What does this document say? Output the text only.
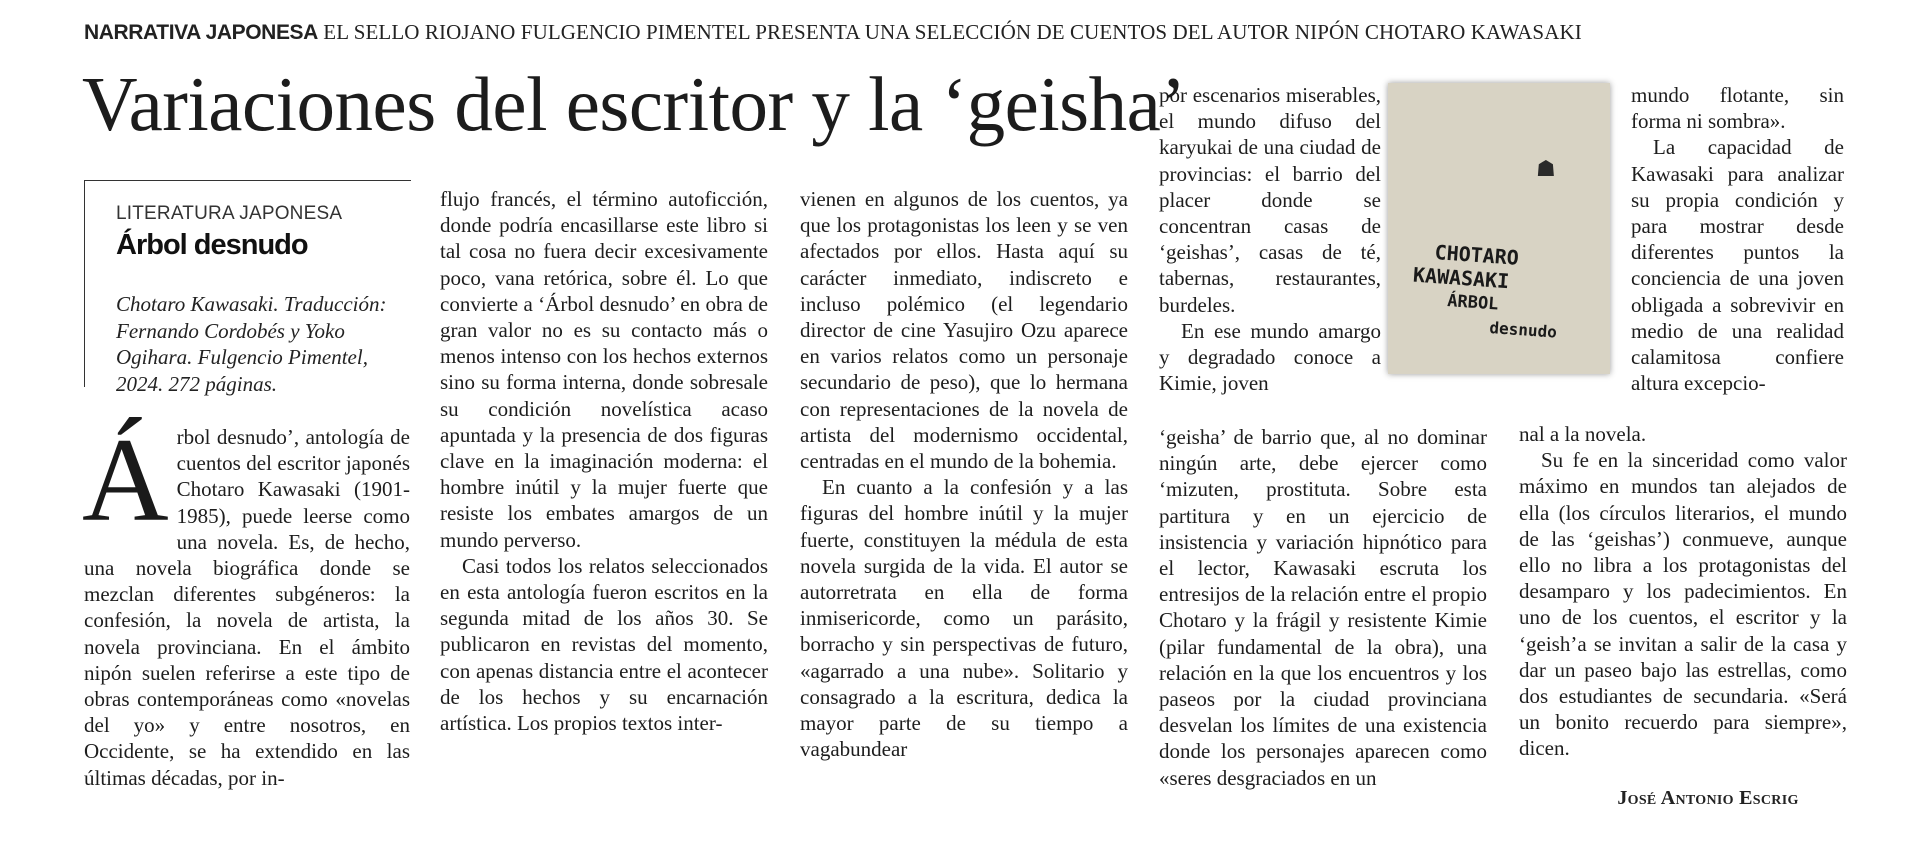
NARRATIVA JAPONESA EL SELLO RIOJANO FULGENCIO PIMENTEL PRESENTA UNA SELECCIÓN DE CUENTOS DEL AUTOR NIPÓN CHOTARO KAWASAKI
Variaciones del escritor y la ‘geisha’
LITERATURA JAPONESA
Árbol desnudo
Chotaro Kawasaki. Traducción: Fernando Cordobés y Yoko Ogihara. Fulgencio Pimentel, 2024. 272 páginas.

Árbol desnudo’, antología de cuentos del escritor japonés Chotaro Kawasaki (1901-1985), puede leerse como una novela. Es, de hecho, una novela biográfica donde se mezclan diferentes subgéneros: la confesión, la novela de artista, la novela provinciana. En el ámbito nipón suelen referirse a este tipo de obras contemporáneas como «novelas del yo» y entre nosotros, en Occidente, se ha extendido en las últimas décadas, por in-

flujo francés, el término autoficción, donde podría encasillarse este libro si tal cosa no fuera decir excesivamente poco, vana retórica, sobre él. Lo que convierte a ‘Árbol desnudo’ en obra de gran valor no es su contacto más o menos intenso con los hechos externos sino su forma interna, donde sobresale su condición novelística acaso apuntada y la presencia de dos figuras clave en la imaginación moderna: el hombre inútil y la mujer fuerte que resiste los embates amargos de un mundo perverso.

Casi todos los relatos seleccionados en esta antología fueron escritos en la segunda mitad de los años 30. Se publicaron en revistas del momento, con apenas distancia entre el acontecer de los hechos y su encarnación artística. Los propios textos inter-

vienen en algunos de los cuentos, ya que los protagonistas los leen y se ven afectados por ellos. Hasta aquí su carácter inmediato, indiscreto e incluso polémico (el legendario director de cine Yasujiro Ozu aparece en varios relatos como un personaje secundario de peso), que lo hermana con representaciones de la novela de artista del modernismo occidental, centradas en el mundo de la bohemia.

En cuanto a la confesión y a las figuras del hombre inútil y la mujer fuerte, constituyen la médula de esta novela surgida de la vida. El autor se autorretrata en ella de forma inmisericorde, como un parásito, borracho y sin perspectivas de futuro, «agarrado a una nube». Solitario y consagrado a la escritura, dedica la mayor parte de su tiempo a vagabundear

por escenarios miserables, el mundo difuso del karyukai de una ciudad de provincias: el barrio del placer donde se concentran casas de ‘geishas’, casas de té, tabernas, restaurantes, burdeles.

En ese mundo amargo y degradado conoce a Kimie, joven

‘geisha’ de barrio que, al no dominar ningún arte, debe ejercer como ‘mizuten, prostituta. Sobre esta partitura y en un ejercicio de insistencia y variación hipnótico para el lector, Kawasaki escruta los entresijos de la relación entre el propio Chotaro y la frágil y resistente Kimie (pilar fundamental de la obra), una relación en la que los encuentros y los paseos por la ciudad provinciana desvelan los límites de una existencia donde los personajes aparecen como «seres desgraciados en un

☗
CHOTARO
KAWASAKI
ÁRBOL
desnudo

mundo flotante, sin forma ni sombra».

La capacidad de Kawasaki para analizar su propia condición y para mostrar desde diferentes puntos la conciencia de una joven obligada a sobrevivir en medio de una realidad calamitosa confiere altura excepcio-

nal a la novela.

Su fe en la sinceridad como valor máximo en mundos tan alejados de ella (los círculos literarios, el mundo de las ‘geishas’) conmueve, aunque ello no libra a los protagonistas del desamparo y los padecimientos. En uno de los cuentos, el escritor y la ‘geish’a se invitan a salir de la casa y dar un paseo bajo las estrellas, como dos estudiantes de secundaria. «Será un bonito recuerdo para siempre», dicen.

José Antonio Escrig
